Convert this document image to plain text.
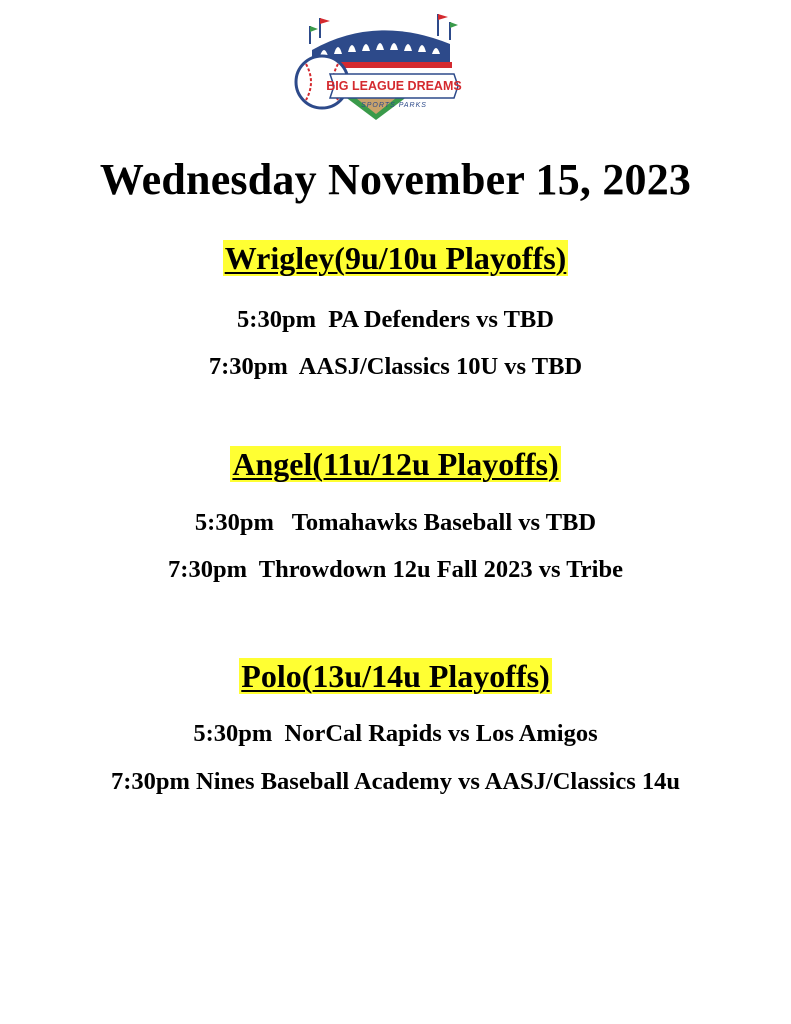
BIG LEAGUE DREAMS
SPORTS PARKS
Wednesday November 15, 2023
Wrigley(9u/10u Playoffs)
5:30pm  PA Defenders vs TBD
7:30pm  AASJ/Classics 10U vs TBD
Angel(11u/12u Playoffs)
5:30pm   Tomahawks Baseball vs TBD
7:30pm  Throwdown 12u Fall 2023 vs Tribe
Polo(13u/14u Playoffs)
5:30pm  NorCal Rapids vs Los Amigos
7:30pm Nines Baseball Academy vs AASJ/Classics 14u
